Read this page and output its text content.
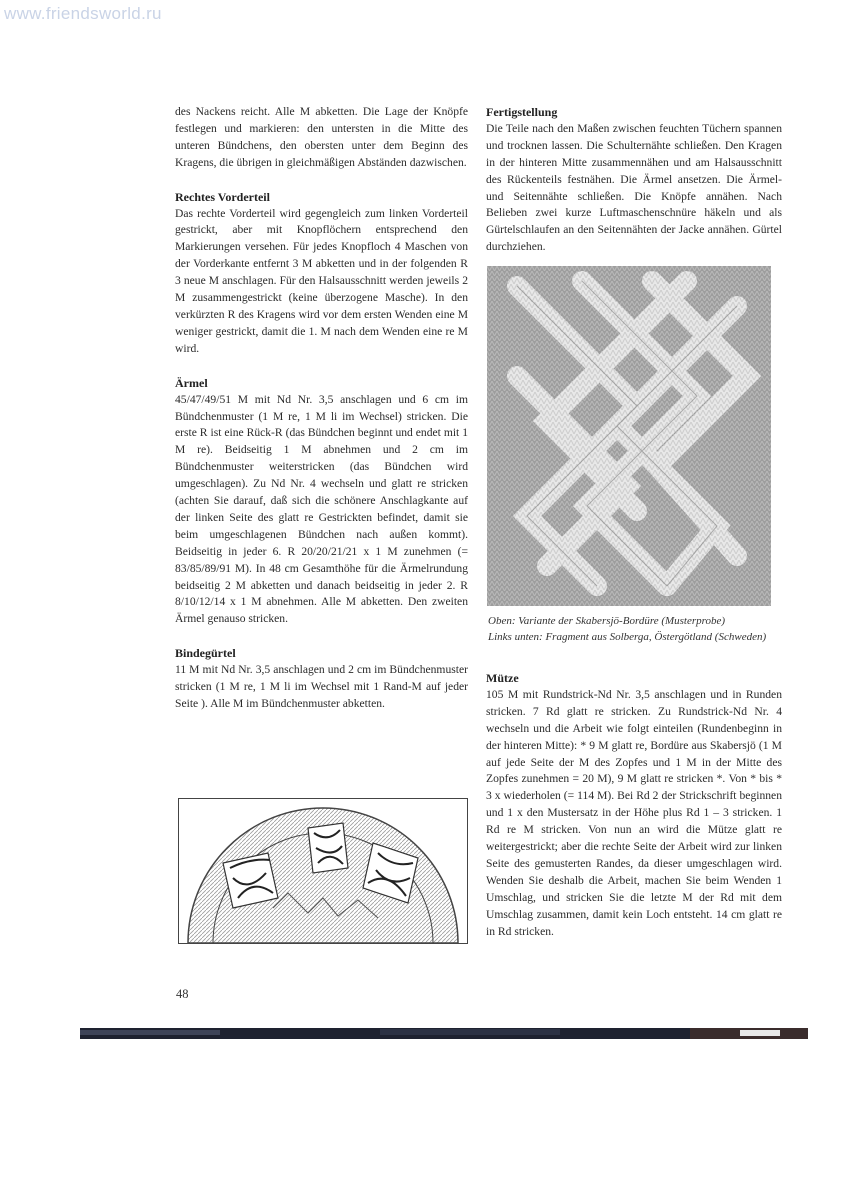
www.friendsworld.ru

des Nackens reicht. Alle M abketten. Die Lage der Knöpfe festlegen und markieren: den untersten in die Mitte des unteren Bündchens, den obersten unter dem Beginn des Kragens, die übrigen in gleichmäßigen Abständen dazwischen.

Rechtes Vorderteil

Das rechte Vorderteil wird gegengleich zum linken Vorderteil gestrickt, aber mit Knopflöchern entsprechend den Markierungen versehen. Für jedes Knopfloch 4 Maschen von der Vorderkante entfernt 3 M abketten und in der folgenden R 3 neue M anschlagen. Für den Halsausschnitt werden jeweils 2 M zusammengestrickt (keine überzogene Masche). In den verkürzten R des Kragens wird vor dem ersten Wenden eine M weniger gestrickt, damit die 1. M nach dem Wenden eine re M wird.

Ärmel

45/47/49/51 M mit Nd Nr. 3,5 anschlagen und 6 cm im Bündchenmuster (1 M re, 1 M li im Wechsel) stricken. Die erste R ist eine Rück-R (das Bündchen beginnt und endet mit 1 M re). Beidseitig 1 M abnehmen und 2 cm im Bündchenmuster weiterstricken (das Bündchen wird umgeschlagen). Zu Nd Nr. 4 wechseln und glatt re stricken (achten Sie darauf, daß sich die schönere Anschlagkante auf der linken Seite des glatt re Gestrickten befindet, damit sie beim umgeschlagenen Bündchen nach außen kommt). Beidseitig in jeder 6. R 20/20/21/21 x 1 M zunehmen (= 83/85/89/91 M). In 48 cm Gesamthöhe für die Ärmelrundung beidseitig 2 M abketten und danach beidseitig in jeder 2. R 8/10/12/14 x 1 M abnehmen. Alle M abketten. Den zweiten Ärmel genauso stricken.

Bindegürtel

11 M mit Nd Nr. 3,5 anschlagen und 2 cm im Bündchenmuster stricken (1 M re, 1 M li im Wechsel mit 1 Rand-M auf jeder Seite ). Alle M im Bündchenmuster abketten.

Fertigstellung

Die Teile nach den Maßen zwischen feuchten Tüchern spannen und trocknen lassen. Die Schulternähte schließen. Den Kragen in der hinteren Mitte zusammennähen und am Halsausschnitt des Rückenteils festnähen. Die Ärmel ansetzen. Die Ärmel- und Seitennähte schließen. Die Knöpfe annähen. Nach Belieben zwei kurze Luftmaschenschnüre häkeln und als Gürtelschlaufen an den Seitennähten der Jacke annähen. Gürtel durchziehen.

Oben: Variante der Skabersjö-Bordüre (Musterprobe)
Links unten: Fragment aus Solberga, Östergötland (Schweden)

Mütze

105 M mit Rundstrick-Nd Nr. 3,5 anschlagen und in Runden stricken. 7 Rd glatt re stricken. Zu Rundstrick-Nd Nr. 4 wechseln und die Arbeit wie folgt einteilen (Rundenbeginn in der hinteren Mitte): * 9 M glatt re, Bordüre aus Skabersjö (1 M auf jede Seite der M des Zopfes und 1 M in der Mitte des Zopfes zunehmen = 20 M), 9 M glatt re stricken *. Von * bis * 3 x wiederholen (= 114 M). Bei Rd 2 der Strickschrift beginnen und 1 x den Mustersatz in der Höhe plus Rd 1 – 3 stricken. 1 Rd re M stricken. Von nun an wird die Mütze glatt re weitergestrickt; aber die rechte Seite der Arbeit wird zur linken Seite des gemusterten Randes, da dieser umgeschlagen wird. Wenden Sie deshalb die Arbeit, machen Sie beim Wenden 1 Umschlag, und stricken Sie die letzte M der Rd mit dem Umschlag zusammen, damit kein Loch entsteht. 14 cm glatt re in Rd stricken.

48
